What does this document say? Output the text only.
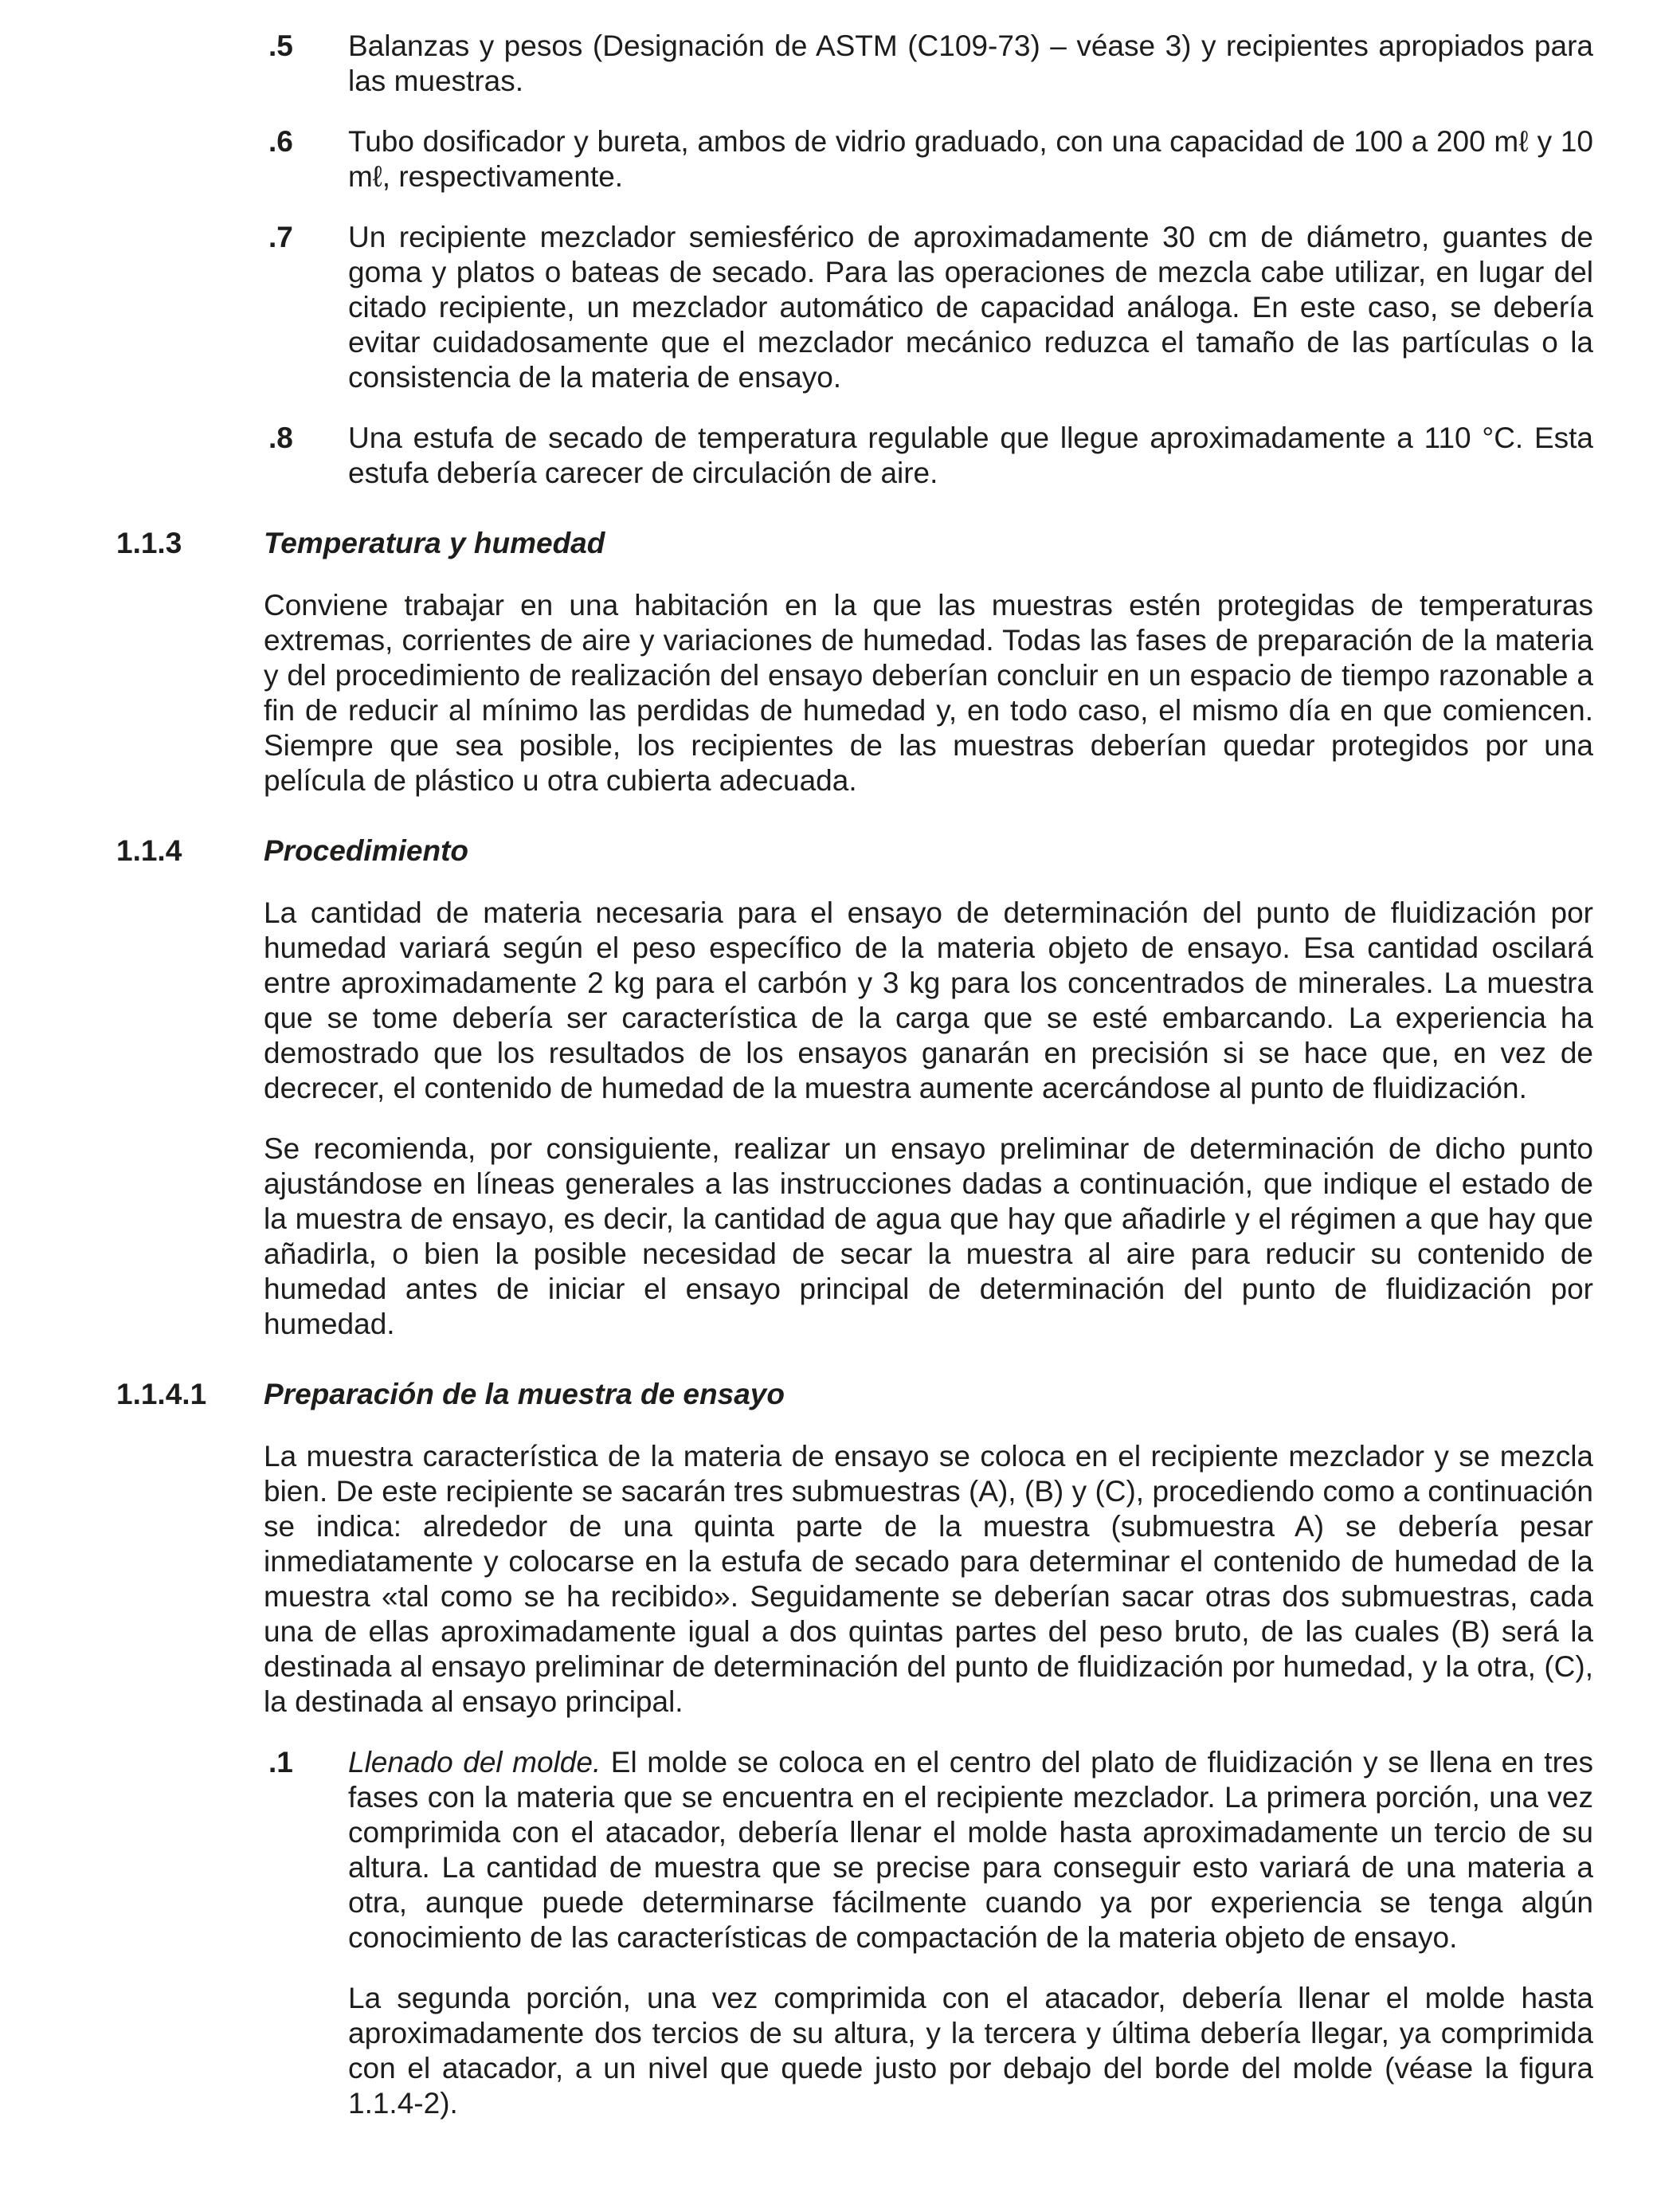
.5	Balanzas y pesos (Designación de ASTM (C109-73) – véase 3) y recipientes apropiados para las muestras.
.6	Tubo dosificador y bureta, ambos de vidrio graduado, con una capacidad de 100 a 200 mℓ y 10 mℓ, respectivamente.
.7	Un recipiente mezclador semiesférico de aproximadamente 30 cm de diámetro, guantes de goma y platos o bateas de secado. Para las operaciones de mezcla cabe utilizar, en lugar del citado recipiente, un mezclador automático de capacidad análoga. En este caso, se debería evitar cuidadosamente que el mezclador mecánico reduzca el tamaño de las partículas o la consistencia de la materia de ensayo.
.8	Una estufa de secado de temperatura regulable que llegue aproximadamente a 110 °C. Esta estufa debería carecer de circulación de aire.
1.1.3	Temperatura y humedad

Conviene trabajar en una habitación en la que las muestras estén protegidas de temperaturas extremas, corrientes de aire y variaciones de humedad. Todas las fases de preparación de la materia y del procedimiento de realización del ensayo deberían concluir en un espacio de tiempo razonable a fin de reducir al mínimo las perdidas de humedad y, en todo caso, el mismo día en que comiencen. Siempre que sea posible, los recipientes de las muestras deberían quedar protegidos por una película de plástico u otra cubierta adecuada.

1.1.4	Procedimiento

La cantidad de materia necesaria para el ensayo de determinación del punto de fluidización por humedad variará según el peso específico de la materia objeto de ensayo. Esa cantidad oscilará entre aproximadamente 2 kg para el carbón y 3 kg para los concentrados de minerales. La muestra que se tome debería ser característica de la carga que se esté embarcando. La experiencia ha demostrado que los resultados de los ensayos ganarán en precisión si se hace que, en vez de decrecer, el contenido de humedad de la muestra aumente acercándose al punto de fluidización.

Se recomienda, por consiguiente, realizar un ensayo preliminar de determinación de dicho punto ajustándose en líneas generales a las instrucciones dadas a continuación, que indique el estado de la muestra de ensayo, es decir, la cantidad de agua que hay que añadirle y el régimen a que hay que añadirla, o bien la posible necesidad de secar la muestra al aire para reducir su contenido de humedad antes de iniciar el ensayo principal de determinación del punto de fluidización por humedad.

1.1.4.1	Preparación de la muestra de ensayo

La muestra característica de la materia de ensayo se coloca en el recipiente mezclador y se mezcla bien. De este recipiente se sacarán tres submuestras (A), (B) y (C), procediendo como a continuación se indica: alrededor de una quinta parte de la muestra (submuestra A) se debería pesar inmediatamente y colocarse en la estufa de secado para determinar el contenido de humedad de la muestra «tal como se ha recibido». Seguidamente se deberían sacar otras dos submuestras, cada una de ellas aproximadamente igual a dos quintas partes del peso bruto, de las cuales (B) será la destinada al ensayo preliminar de determinación del punto de fluidización por humedad, y la otra, (C), la destinada al ensayo principal.

.1	Llenado del molde. El molde se coloca en el centro del plato de fluidización y se llena en tres fases con la materia que se encuentra en el recipiente mezclador. La primera porción, una vez comprimida con el atacador, debería llenar el molde hasta aproximadamente un tercio de su altura. La cantidad de muestra que se precise para conseguir esto variará de una materia a otra, aunque puede determinarse fácilmente cuando ya por experiencia se tenga algún conocimiento de las características de compactación de la materia objeto de ensayo.

La segunda porción, una vez comprimida con el atacador, debería llenar el molde hasta aproximadamente dos tercios de su altura, y la tercera y última debería llegar, ya comprimida con el atacador, a un nivel que quede justo por debajo del borde del molde (véase la figura 1.1.4-2).
